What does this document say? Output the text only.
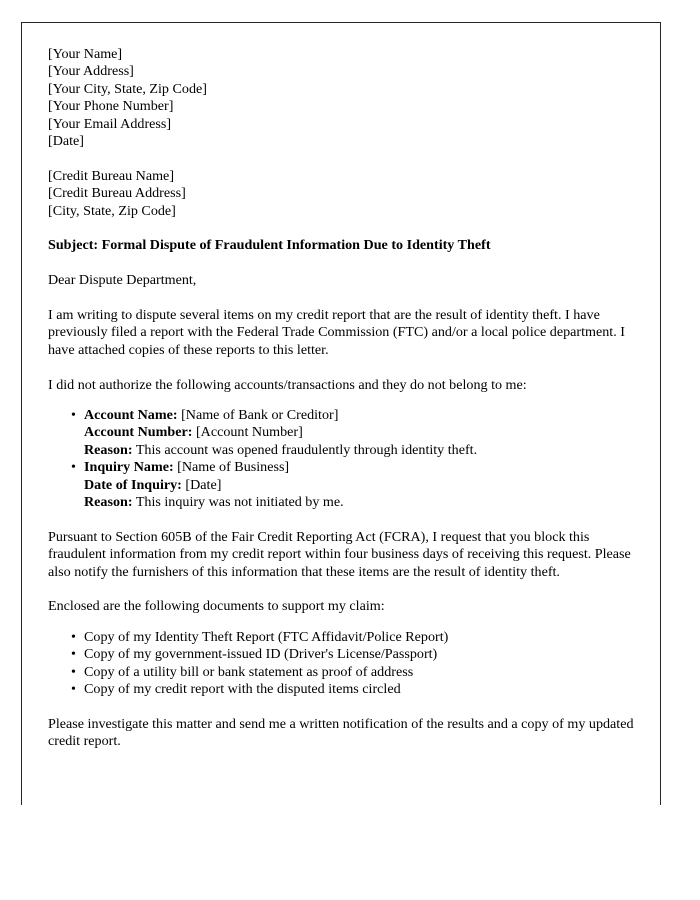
[Your Name]
[Your Address]
[Your City, State, Zip Code]
[Your Phone Number]
[Your Email Address]
[Date]
[Credit Bureau Name]
[Credit Bureau Address]
[City, State, Zip Code]
Subject: Formal Dispute of Fraudulent Information Due to Identity Theft
Dear Dispute Department,

I am writing to dispute several items on my credit report that are the result of identity theft. I have previously filed a report with the Federal Trade Commission (FTC) and/or a local police department. I have attached copies of these reports to this letter.

I did not authorize the following accounts/transactions and they do not belong to me:

• Account Name: [Name of Bank or Creditor]
Account Number: [Account Number]
Reason: This account was opened fraudulently through identity theft.
• Inquiry Name: [Name of Business]
Date of Inquiry: [Date]
Reason: This inquiry was not initiated by me.

Pursuant to Section 605B of the Fair Credit Reporting Act (FCRA), I request that you block this fraudulent information from my credit report within four business days of receiving this request. Please also notify the furnishers of this information that these items are the result of identity theft.

Enclosed are the following documents to support my claim:

• Copy of my Identity Theft Report (FTC Affidavit/Police Report)
• Copy of my government-issued ID (Driver's License/Passport)
• Copy of a utility bill or bank statement as proof of address
• Copy of my credit report with the disputed items circled

Please investigate this matter and send me a written notification of the results and a copy of my updated credit report.
